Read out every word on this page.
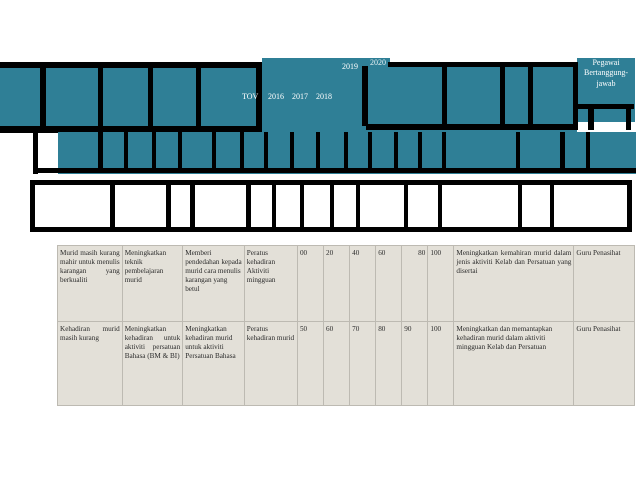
TOV 2016 2017 2018
2019 2020	Pegawai Bertanggung-jawab
Murid masih kurang mahir untuk menulis karangan yang berkualiti	Meningkatkan teknik pembelajaran murid	Memberi pendedahan kepada murid cara menulis karangan yang betul	Peratus kehadiran Aktiviti mingguan	00	20	40	60	80	100	Meningkatkan kemahiran murid dalam jenis aktiviti Kelab dan Persatuan yang disertai	Guru Penasihat
Kehadiran murid masih kurang	Meningkatkan kehadiran untuk aktiviti persatuan Bahasa (BM & BI)	Meningkatkan kehadiran murid untuk aktiviti Persatuan Bahasa	Peratus kehadiran murid	50	60	70	80	90	100	Meningkatkan dan memantapkan kehadiran murid dalam aktiviti mingguan Kelab dan Persatuan	Guru Penasihat
